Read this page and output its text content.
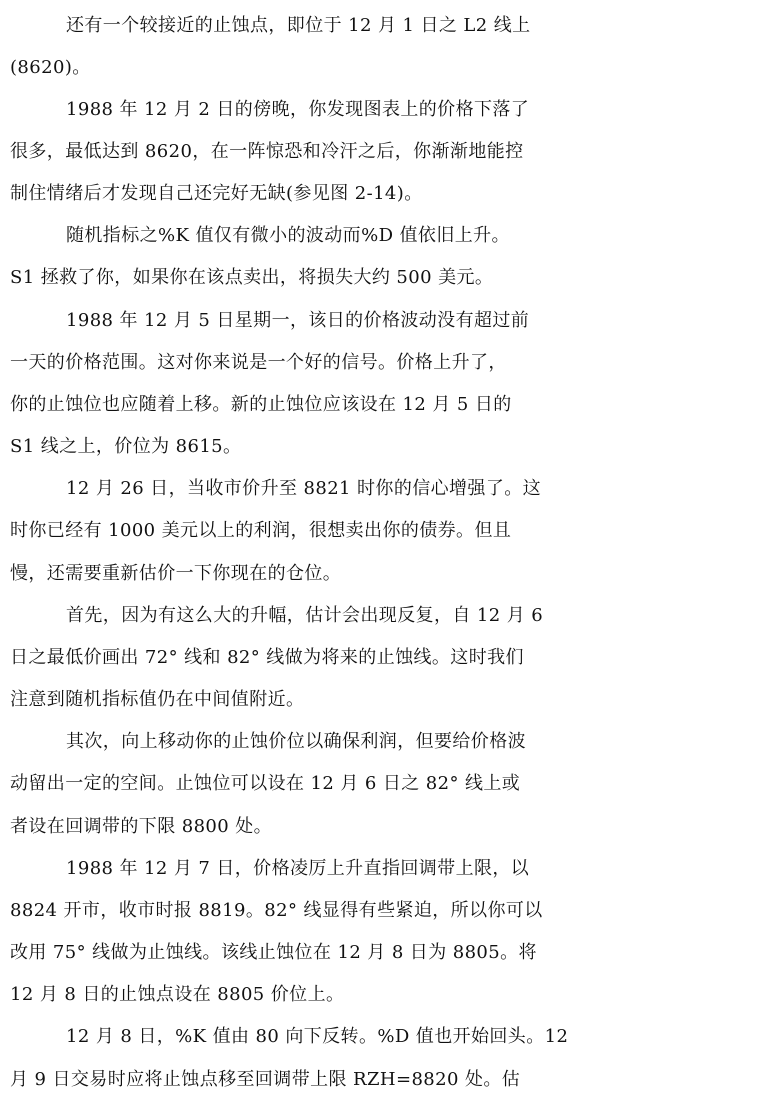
还有一个较接近的止蚀点，即位于 12 月 1 日之 L2 线上
(8620)。
1988 年 12 月 2 日的傍晚，你发现图表上的价格下落了
很多，最低达到 8620，在一阵惊恐和冷汗之后，你渐渐地能控
制住情绪后才发现自己还完好无缺(参见图 2-14)。
随机指标之%K 值仅有微小的波动而%D 值依旧上升。
S1 拯救了你，如果你在该点卖出，将损失大约 500 美元。
1988 年 12 月 5 日星期一，该日的价格波动没有超过前
一天的价格范围。这对你来说是一个好的信号。价格上升了，
你的止蚀位也应随着上移。新的止蚀位应该设在 12 月 5 日的
S1 线之上，价位为 8615。
12 月 26 日，当收市价升至 8821 时你的信心增强了。这
时你已经有 1000 美元以上的利润，很想卖出你的债券。但且
慢，还需要重新估价一下你现在的仓位。
首先，因为有这么大的升幅，估计会出现反复，自 12 月 6
日之最低价画出 72° 线和 82° 线做为将来的止蚀线。这时我们
注意到随机指标值仍在中间值附近。
其次，向上移动你的止蚀价位以确保利润，但要给价格波
动留出一定的空间。止蚀位可以设在 12 月 6 日之 82° 线上或
者设在回调带的下限 8800 处。
1988 年 12 月 7 日，价格凌厉上升直指回调带上限，以
8824 开市，收市时报 8819。82° 线显得有些紧迫，所以你可以
改用 75° 线做为止蚀线。该线止蚀位在 12 月 8 日为 8805。将
12 月 8 日的止蚀点设在 8805 价位上。
12 月 8 日，%K 值由 80 向下反转。%D 值也开始回头。12
月 9 日交易时应将止蚀点移至回调带上限 RZH=8820 处。估
